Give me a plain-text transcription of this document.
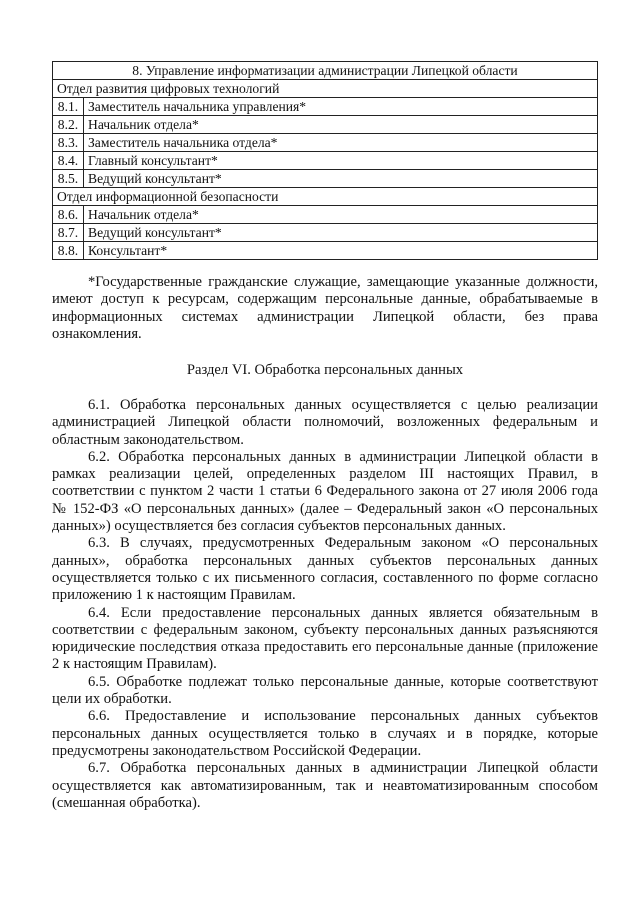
8. Управление информатизации администрации Липецкой области	
Отдел развития цифровых технологий	
8.1.	Заместитель начальника управления*
8.2.	Начальник отдела*
8.3.	Заместитель начальника отдела*
8.4.	Главный консультант*
8.5.	Ведущий консультант*
Отдел информационной безопасности	
8.6.	Начальник отдела*
8.7.	Ведущий консультант*
8.8.	Консультант*

*Государственные гражданские служащие, замещающие указанные должности, имеют доступ к ресурсам, содержащим персональные данные, обрабатываемые в информационных системах администрации Липецкой области, без права ознакомления.

Раздел VI. Обработка персональных данных

6.1. Обработка персональных данных осуществляется с целью реализации администрацией Липецкой области полномочий, возложенных федеральным и областным законодательством.

6.2. Обработка персональных данных в администрации Липецкой области в рамках реализации целей, определенных разделом III настоящих Правил, в соответствии с пунктом 2 части 1 статьи 6 Федерального закона от 27 июля 2006 года № 152-ФЗ «О персональных данных» (далее – Федеральный закон «О персональных данных») осуществляется без согласия субъектов персональных данных.

6.3. В случаях, предусмотренных Федеральным законом «О персональных данных», обработка персональных данных субъектов персональных данных осуществляется только с их письменного согласия, составленного по форме согласно приложению 1 к настоящим Правилам.

6.4. Если предоставление персональных данных является обязательным в соответствии с федеральным законом, субъекту персональных данных разъясняются юридические последствия отказа предоставить его персональные данные (приложение 2 к настоящим Правилам).

6.5. Обработке подлежат только персональные данные, которые соответствуют цели их обработки.

6.6. Предоставление и использование персональных данных субъектов персональных данных осуществляется только в случаях и в порядке, которые предусмотрены законодательством Российской Федерации.

6.7. Обработка персональных данных в администрации Липецкой области осуществляется как автоматизированным, так и неавтоматизированным способом (смешанная обработка).
